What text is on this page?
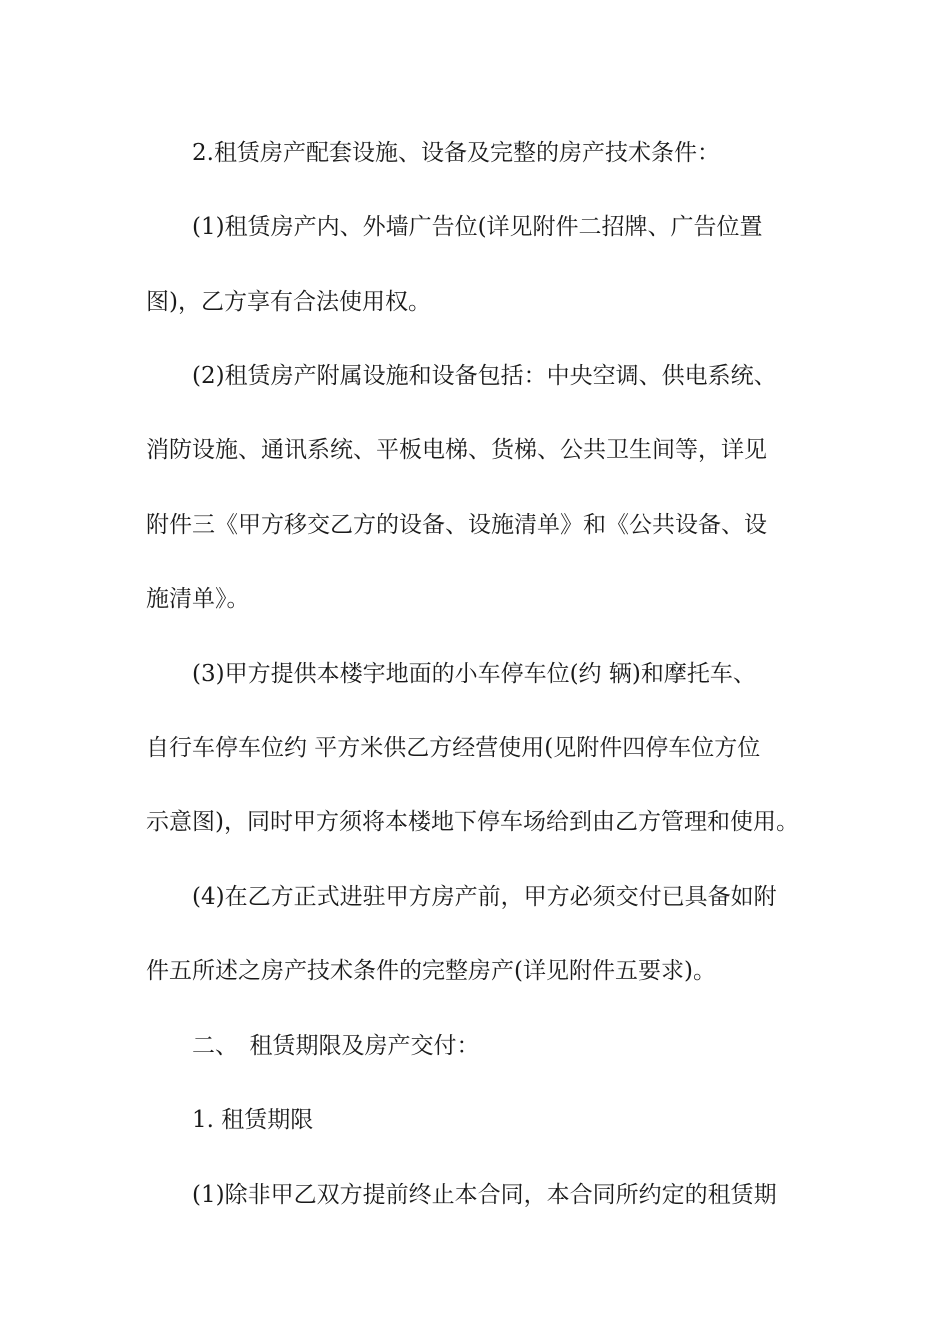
2.租赁房产配套设施、设备及完整的房产技术条件：
(1)租赁房产内、外墙广告位(详见附件二招牌、广告位置
图)，乙方享有合法使用权。
(2)租赁房产附属设施和设备包括：中央空调、供电系统、
消防设施、通讯系统、平板电梯、货梯、公共卫生间等，详见
附件三《甲方移交乙方的设备、设施清单》和《公共设备、设
施清单》。
(3)甲方提供本楼宇地面的小车停车位(约 辆)和摩托车、
自行车停车位约 平方米供乙方经营使用(见附件四停车位方位
示意图)，同时甲方须将本楼地下停车场给到由乙方管理和使用。
(4)在乙方正式进驻甲方房产前，甲方必须交付已具备如附
件五所述之房产技术条件的完整房产(详见附件五要求)。
二、　租赁期限及房产交付：
1. 租赁期限
(1)除非甲乙双方提前终止本合同，本合同所约定的租赁期
